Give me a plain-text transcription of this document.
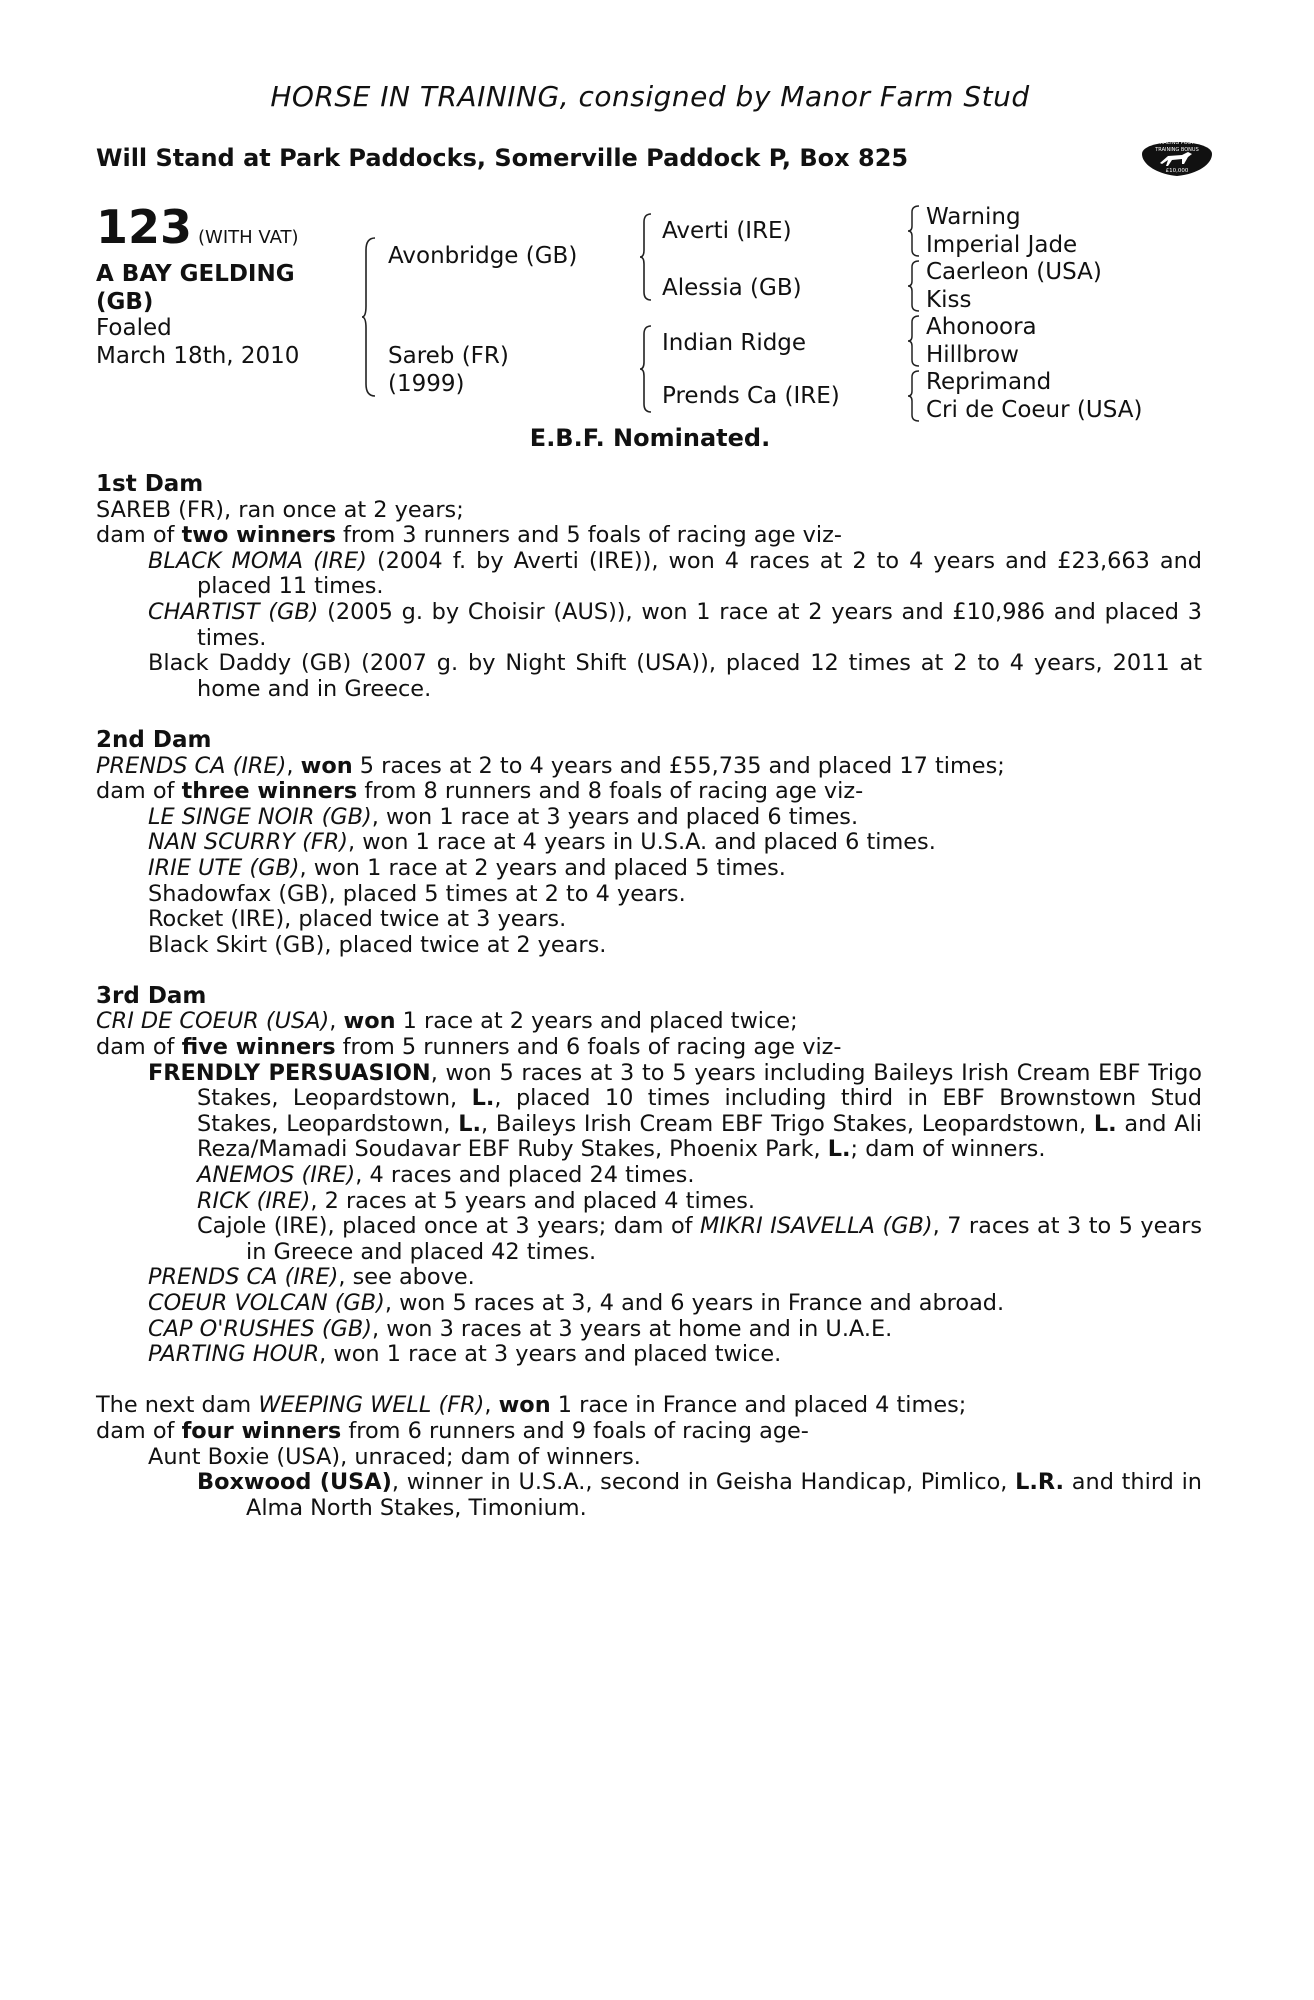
HORSE IN TRAINING, consigned by Manor Farm Stud
Will Stand at Park Paddocks, Somerville Paddock P, Box 825
RACING POST
TRAINING BONUS
£10,000
123 (WITH VAT)
A BAY GELDING
(GB)
Foaled
March 18th, 2010
Avonbridge (GB)
Sareb (FR)
(1999)
Averti (IRE)
Alessia (GB)
Indian Ridge
Prends Ca (IRE)
Warning
Imperial Jade
Caerleon (USA)
Kiss
Ahonoora
Hillbrow
Reprimand
Cri de Coeur (USA)
E.B.F. Nominated.

1st Dam

SAREB (FR), ran once at 2 years;

dam of two winners from 3 runners and 5 foals of racing age viz-

BLACK MOMA (IRE) (2004 f. by Averti (IRE)), won 4 races at 2 to 4 years and £23,663 and placed 11 times.

CHARTIST (GB) (2005 g. by Choisir (AUS)), won 1 race at 2 years and £10,986 and placed 3 times.

Black Daddy (GB) (2007 g. by Night Shift (USA)), placed 12 times at 2 to 4 years, 2011 at home and in Greece.

2nd Dam

PRENDS CA (IRE), won 5 races at 2 to 4 years and £55,735 and placed 17 times;

dam of three winners from 8 runners and 8 foals of racing age viz-

LE SINGE NOIR (GB), won 1 race at 3 years and placed 6 times.

NAN SCURRY (FR), won 1 race at 4 years in U.S.A. and placed 6 times.

IRIE UTE (GB), won 1 race at 2 years and placed 5 times.

Shadowfax (GB), placed 5 times at 2 to 4 years.

Rocket (IRE), placed twice at 3 years.

Black Skirt (GB), placed twice at 2 years.

3rd Dam

CRI DE COEUR (USA), won 1 race at 2 years and placed twice;

dam of five winners from 5 runners and 6 foals of racing age viz-

FRENDLY PERSUASION, won 5 races at 3 to 5 years including Baileys Irish Cream EBF Trigo Stakes, Leopardstown, L., placed 10 times including third in EBF Brownstown Stud Stakes, Leopardstown, L., Baileys Irish Cream EBF Trigo Stakes, Leopardstown, L. and Ali Reza/Mamadi Soudavar EBF Ruby Stakes, Phoenix Park, L.; dam of winners.

ANEMOS (IRE), 4 races and placed 24 times.

RICK (IRE), 2 races at 5 years and placed 4 times.

Cajole (IRE), placed once at 3 years; dam of MIKRI ISAVELLA (GB), 7 races at 3 to 5 years in Greece and placed 42 times.

PRENDS CA (IRE), see above.

COEUR VOLCAN (GB), won 5 races at 3, 4 and 6 years in France and abroad.

CAP O'RUSHES (GB), won 3 races at 3 years at home and in U.A.E.

PARTING HOUR, won 1 race at 3 years and placed twice.

The next dam WEEPING WELL (FR), won 1 race in France and placed 4 times;

dam of four winners from 6 runners and 9 foals of racing age-

Aunt Boxie (USA), unraced; dam of winners.

Boxwood (USA), winner in U.S.A., second in Geisha Handicap, Pimlico, L.R. and third in Alma North Stakes, Timonium.
